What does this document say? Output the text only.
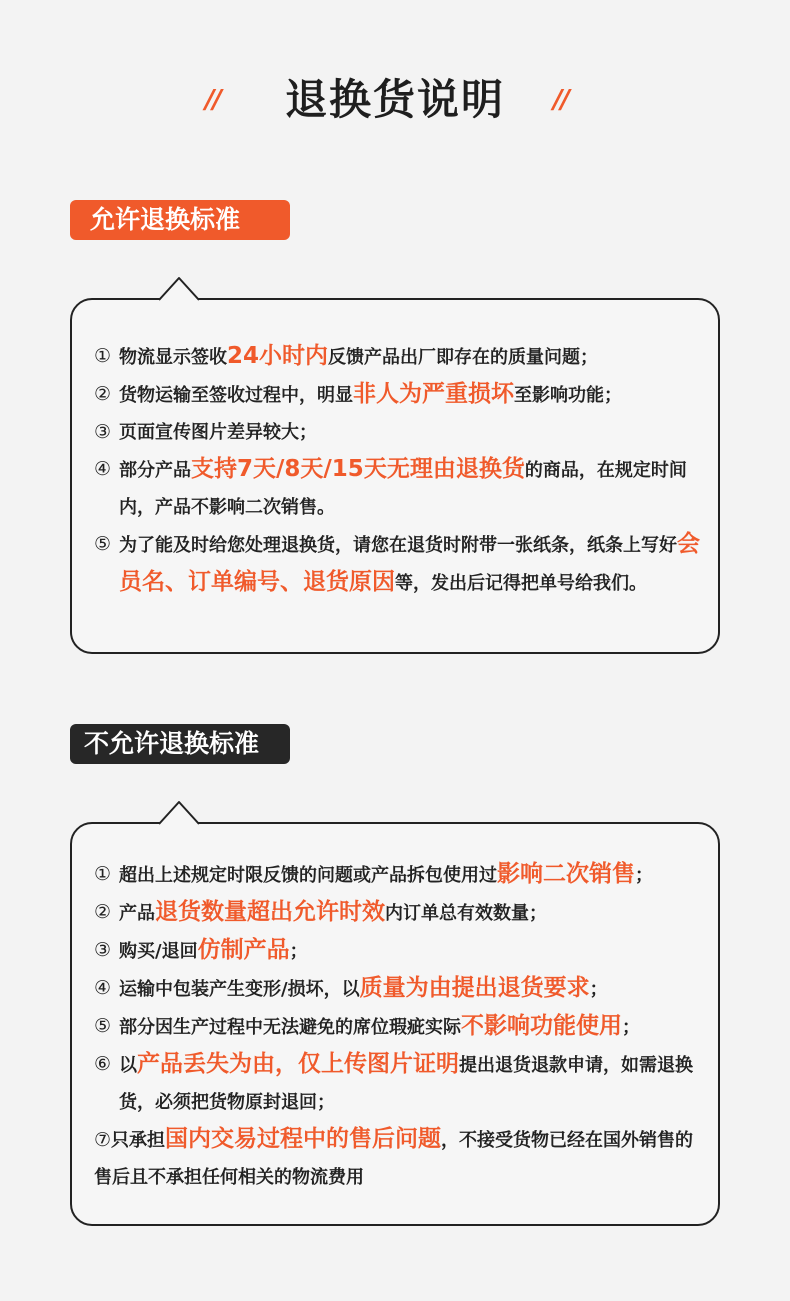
//	退换货说明	//
允许退换标准
① 物流显示签收24小时内反馈产品出厂即存在的质量问题；
② 货物运输至签收过程中，明显非人为严重损坏至影响功能；
③ 页面宣传图片差异较大；
④ 部分产品支持7天/8天/15天无理由退换货的商品，在规定时间内，产品不影响二次销售。
⑤ 为了能及时给您处理退换货，请您在退货时附带一张纸条，纸条上写好会员名、订单编号、退货原因等，发出后记得把单号给我们。
不允许退换标准
① 超出上述规定时限反馈的问题或产品拆包使用过影响二次销售；
② 产品退货数量超出允许时效内订单总有效数量；
③ 购买/退回仿制产品；
④ 运输中包装产生变形/损坏，以质量为由提出退货要求；
⑤ 部分因生产过程中无法避免的席位瑕疵实际不影响功能使用；
⑥ 以产品丢失为由，仅上传图片证明提出退货退款申请，如需退换货，必须把货物原封退回；
⑦只承担国内交易过程中的售后问题，不接受货物已经在国外销售的售后且不承担任何相关的物流费用
